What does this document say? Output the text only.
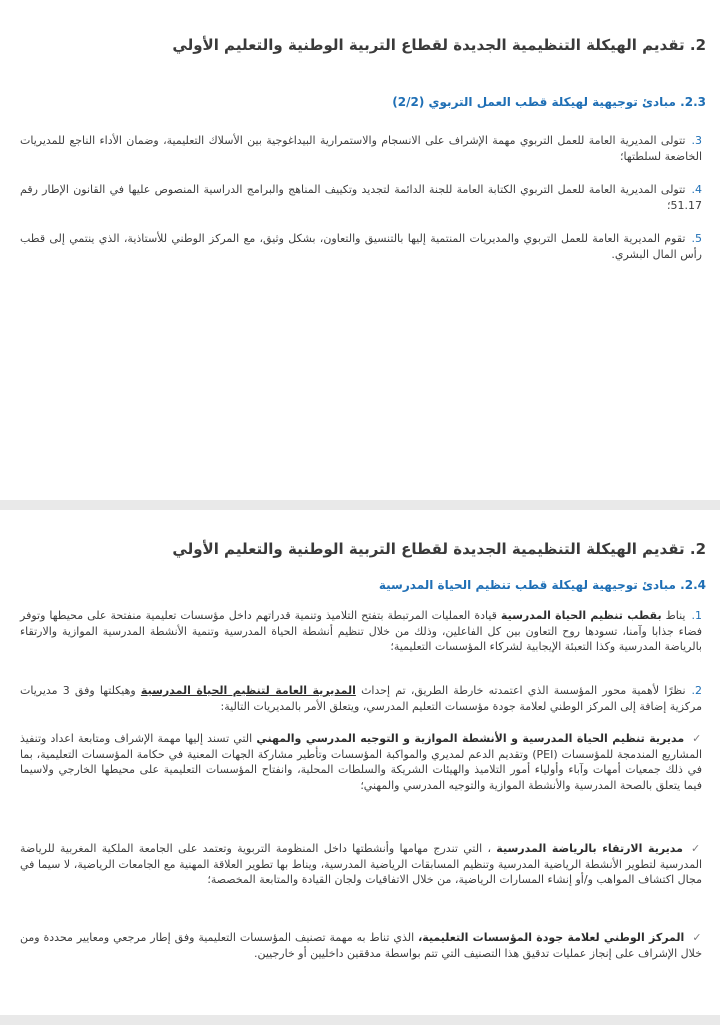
2. تقديم الهيكلة التنظيمية الجديدة لقطاع التربية الوطنية والتعليم الأولي
2.3. مبادئ توجيهية لهيكلة قطب العمل التربوي (2/2)
3.تتولى المديرية العامة للعمل التربوي مهمة الإشراف على الانسجام والاستمرارية البيداغوجية بين الأسلاك التعليمية، وضمان الأداء الناجع للمديريات الخاضعة لسلطتها؛
4.تتولى المديرية العامة للعمل التربوي الكتابة العامة للجنة الدائمة لتجديد وتكييف المناهج والبرامج الدراسية المنصوص عليها في القانون الإطار رقم 51.17؛
5.تقوم المديرية العامة للعمل التربوي والمديريات المنتمية إليها بالتنسيق والتعاون، بشكل وثيق، مع المركز الوطني للأستاذية، الذي ينتمي إلى قطب رأس المال البشري.
2. تقديم الهيكلة التنظيمية الجديدة لقطاع التربية الوطنية والتعليم الأولي
2.4. مبادئ توجيهية لهيكلة قطب تنظيم الحياة المدرسية
1.يناط بقطب تنظيم الحياة المدرسية قيادة العمليات المرتبطة بتفتح التلاميذ وتنمية قدراتهم داخل مؤسسات تعليمية منفتحة على محيطها وتوفر فضاء جذابا وآمنا، تسودها روح التعاون بين كل الفاعلين، وذلك من خلال تنظيم أنشطة الحياة المدرسية وتنمية الأنشطة المدرسية الموازية والارتقاء بالرياضة المدرسية وكذا التعبئة الإيجابية لشركاء المؤسسات التعليمية؛
2.نظرًا لأهمية محور المؤسسة الذي اعتمدته خارطة الطريق، تم إحداث المديرية العامة لتنظيم الحياة المدرسية وهيكلتها وفق 3 مديريات مركزية إضافة إلى المركز الوطني لعلامة جودة مؤسسات التعليم المدرسي، ويتعلق الأمر بالمديريات التالية:
✓مديرية تنظيم الحياة المدرسية و الأنشطة الموازية و التوجيه المدرسي والمهني التي تسند إليها مهمة الإشراف ومتابعة اعداد وتنفيذ المشاريع المندمجة للمؤسسات (PEI) وتقديم الدعم لمديري والمواكبة المؤسسات وتأطير مشاركة الجهات المعنية في حكامة المؤسسات التعليمية، بما في ذلك جمعيات أمهات وآباء وأولياء أمور التلاميذ والهيئات الشريكة والسلطات المحلية، وانفتاح المؤسسات التعليمية على محيطها الخارجي ولاسيما فيما يتعلق بالصحة المدرسية والأنشطة الموازية والتوجيه المدرسي والمهني؛
✓مديرية الارتقاء بالرياضة المدرسية ، التي تندرج مهامها وأنشطتها داخل المنظومة التربوية وتعتمد على الجامعة الملكية المغربية للرياضة المدرسية لتطوير الأنشطة الرياضية المدرسية وتنظيم المسابقات الرياضية المدرسية، ويناط بها تطوير العلاقة المهنية مع الجامعات الرياضية، لا سيما في مجال اكتشاف المواهب و/أو إنشاء المسارات الرياضية، من خلال الاتفاقيات ولجان القيادة والمتابعة المخصصة؛
✓المركز الوطني لعلامة جودة المؤسسات التعليمية، الذي تناط به مهمة تصنيف المؤسسات التعليمية وفق إطار مرجعي ومعايير محددة ومن خلال الإشراف على إنجاز عمليات تدقيق هذا التصنيف التي تتم بواسطة مدققين داخليين أو خارجيين.
